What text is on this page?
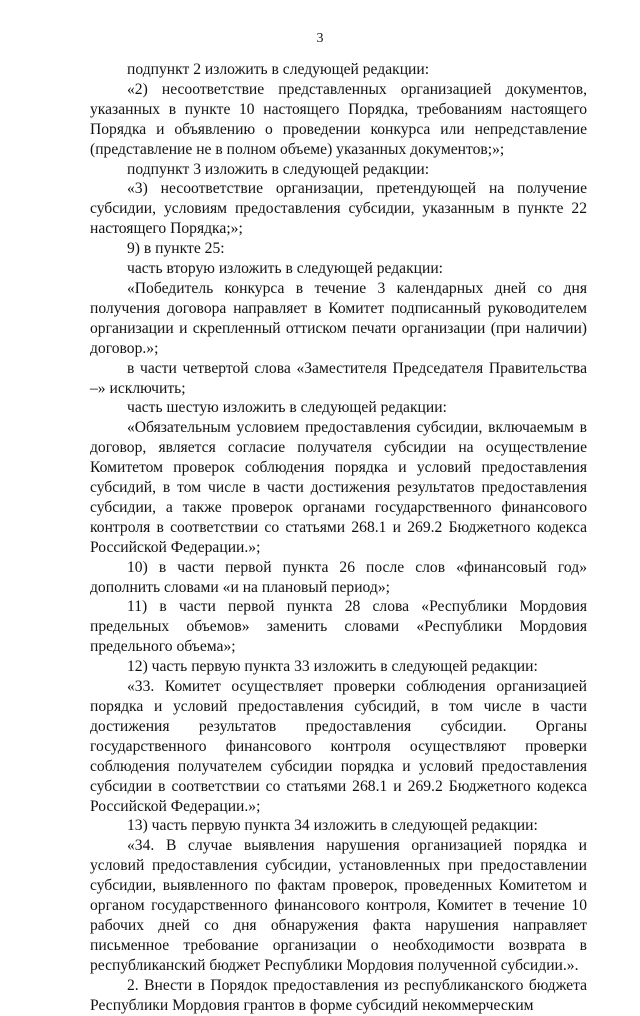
3

подпункт 2 изложить в следующей редакции:

«2) несоответствие представленных организацией документов, указанных в пункте 10 настоящего Порядка, требованиям настоящего Порядка и объявлению о проведении конкурса или непредставление (представление не в полном объеме) указанных документов;»;

подпункт 3 изложить в следующей редакции:

«3) несоответствие организации, претендующей на получение субсидии, условиям предоставления субсидии, указанным в пункте 22 настоящего Порядка;»;

9) в пункте 25:

часть вторую изложить в следующей редакции:

«Победитель конкурса в течение 3 календарных дней со дня получения договора направляет в Комитет подписанный руководителем организации и скрепленный оттиском печати организации (при наличии) договор.»;

в части четвертой слова «Заместителя Председателя Правительства –» исключить;

часть шестую изложить в следующей редакции:

«Обязательным условием предоставления субсидии, включаемым в договор, является согласие получателя субсидии на осуществление Комитетом проверок соблюдения порядка и условий предоставления субсидий, в том числе в части достижения результатов предоставления субсидии, а также проверок органами государственного финансового контроля в соответствии со статьями 268.1 и 269.2 Бюджетного кодекса Российской Федерации.»;

10) в части первой пункта 26 после слов «финансовый год» дополнить словами «и на плановый период»;

11) в части первой пункта 28 слова «Республики Мордовия предельных объемов» заменить словами «Республики Мордовия предельного объема»;

12) часть первую пункта 33 изложить в следующей редакции:

«33. Комитет осуществляет проверки соблюдения организацией порядка и условий предоставления субсидий, в том числе в части достижения результатов предоставления субсидии. Органы государственного финансового контроля осуществляют проверки соблюдения получателем субсидии порядка и условий предоставления субсидии в соответствии со статьями 268.1 и 269.2 Бюджетного кодекса Российской Федерации.»;

13) часть первую пункта 34 изложить в следующей редакции:

«34. В случае выявления нарушения организацией порядка и условий предоставления субсидии, установленных при предоставлении субсидии, выявленного по фактам проверок, проведенных Комитетом и органом государственного финансового контроля, Комитет в течение 10 рабочих дней со дня обнаружения факта нарушения направляет письменное требование организации о необходимости возврата в республиканский бюджет Республики Мордовия полученной субсидии.».

2. Внести в Порядок предоставления из республиканского бюджета Республики Мордовия грантов в форме субсидий некоммерческим
